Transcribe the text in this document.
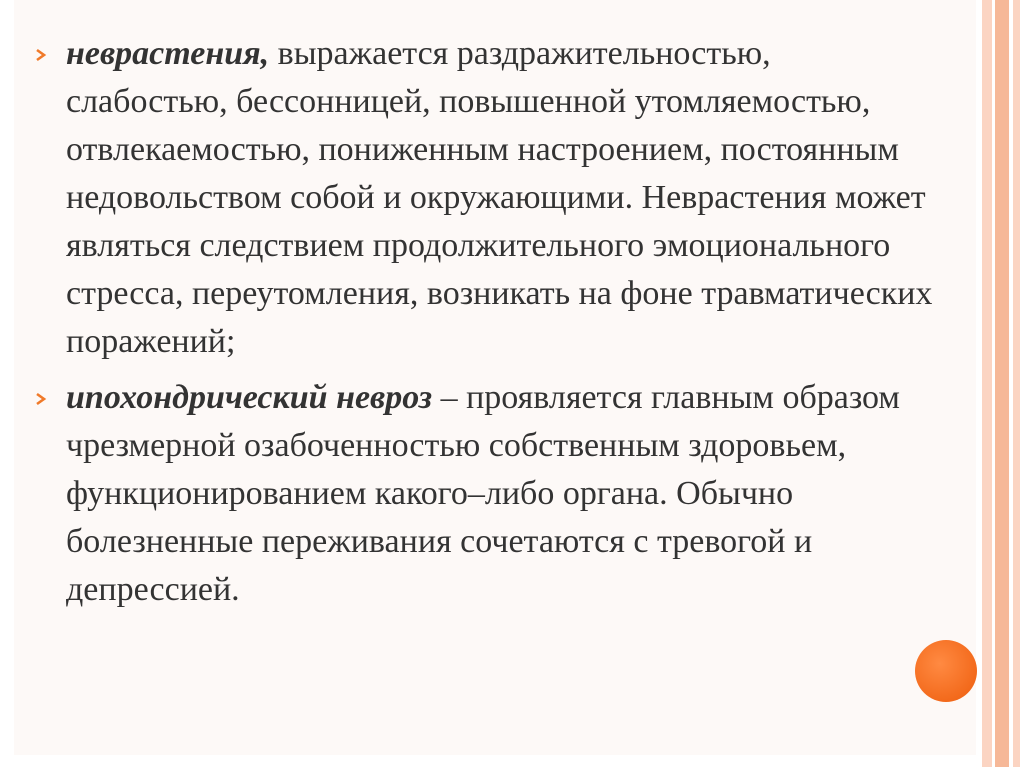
неврастения, выражается раздражительностью, слабостью, бессонницей, повышенной утомляемостью, отвлекаемостью, пониженным настроением, постоянным недовольством собой и окружающими. Неврастения может являться следствием продолжительного эмоционального стресса, переутомления, возникать на фоне травматических поражений;
ипохондрический невроз – проявляется главным образом чрезмерной озабоченностью собственным здоровьем, функционированием какого–либо органа. Обычно болезненные переживания сочетаются с тревогой и депрессией.
